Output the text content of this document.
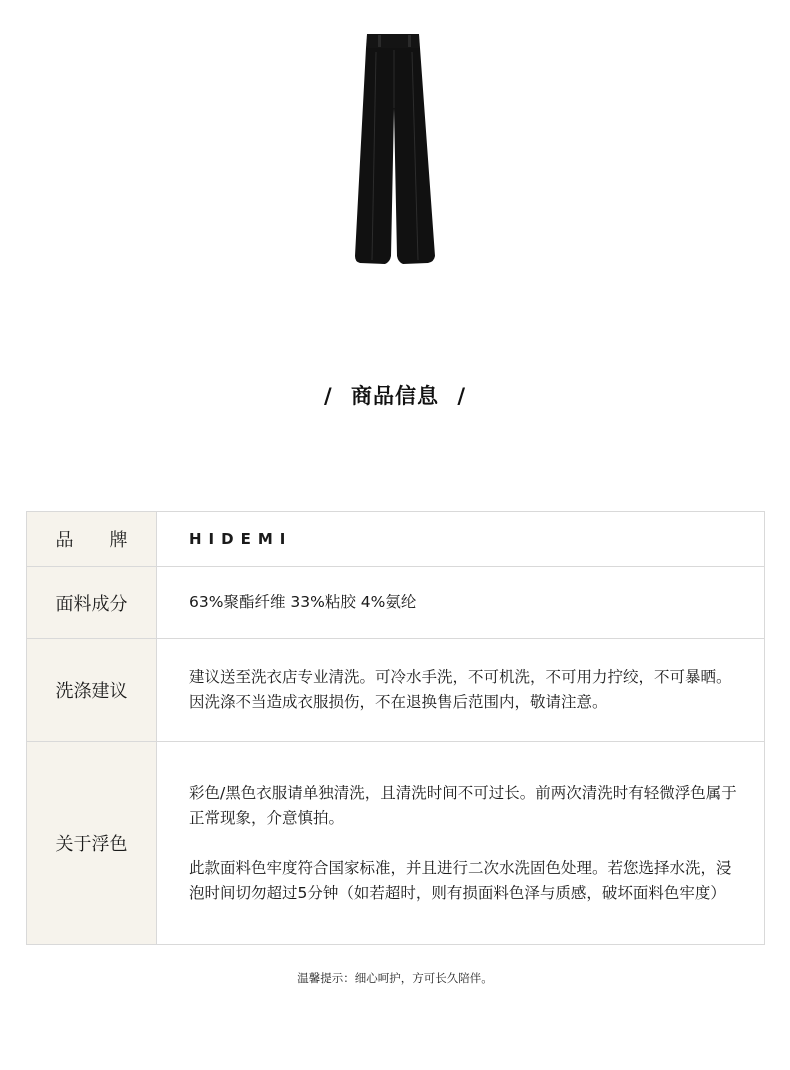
/ 商品信息 /
品牌 HIDEMI
面料成分	63%聚酯纤维 33%粘胶 4%氨纶
洗涤建议
建议送至洗衣店专业清洗。可冷水手洗，不可机洗，不可用力拧绞，不可暴晒。因洗涤不当造成衣服损伤，不在退换售后范围内，敬请注意。
关于浮色
彩色/黑色衣服请单独清洗，且清洗时间不可过长。前两次清洗时有轻微浮色属于正常现象，介意慎拍。
此款面料色牢度符合国家标准，并且进行二次水洗固色处理。若您选择水洗，浸泡时间切勿超过5分钟（如若超时，则有损面料色泽与质感，破坏面料色牢度）
温馨提示：细心呵护，方可长久陪伴。
